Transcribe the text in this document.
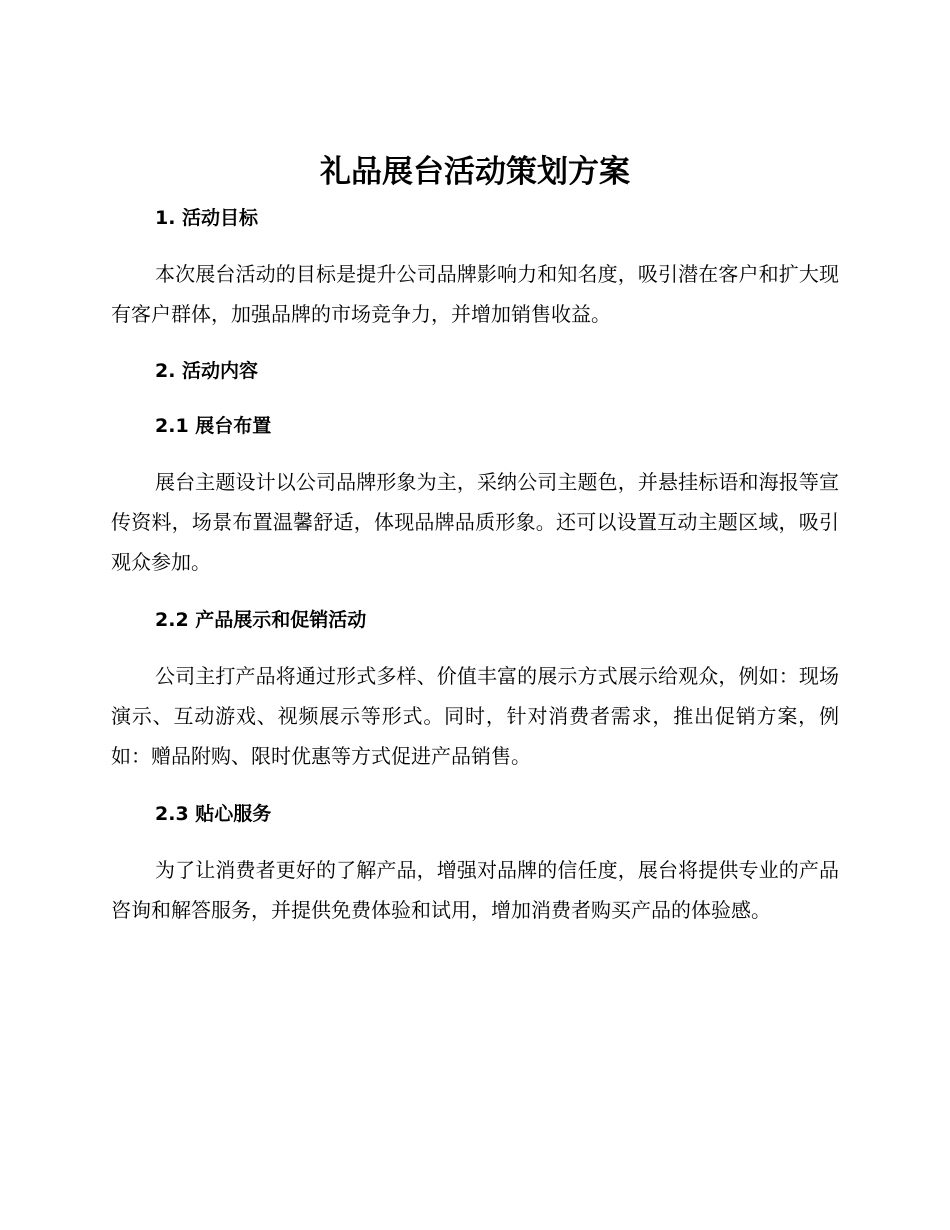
礼品展台活动策划方案
1. 活动目标

本次展台活动的目标是提升公司品牌影响力和知名度，吸引潜在客户和扩大现有客户群体，加强品牌的市场竞争力，并增加销售收益。

2. 活动内容
2.1 展台布置

展台主题设计以公司品牌形象为主，采纳公司主题色，并悬挂标语和海报等宣传资料，场景布置温馨舒适，体现品牌品质形象。还可以设置互动主题区域，吸引观众参加。

2.2 产品展示和促销活动

公司主打产品将通过形式多样、价值丰富的展示方式展示给观众，例如：现场演示、互动游戏、视频展示等形式。同时，针对消费者需求，推出促销方案，例如：赠品附购、限时优惠等方式促进产品销售。

2.3 贴心服务

为了让消费者更好的了解产品，增强对品牌的信任度，展台将提供专业的产品咨询和解答服务，并提供免费体验和试用，增加消费者购买产品的体验感。
